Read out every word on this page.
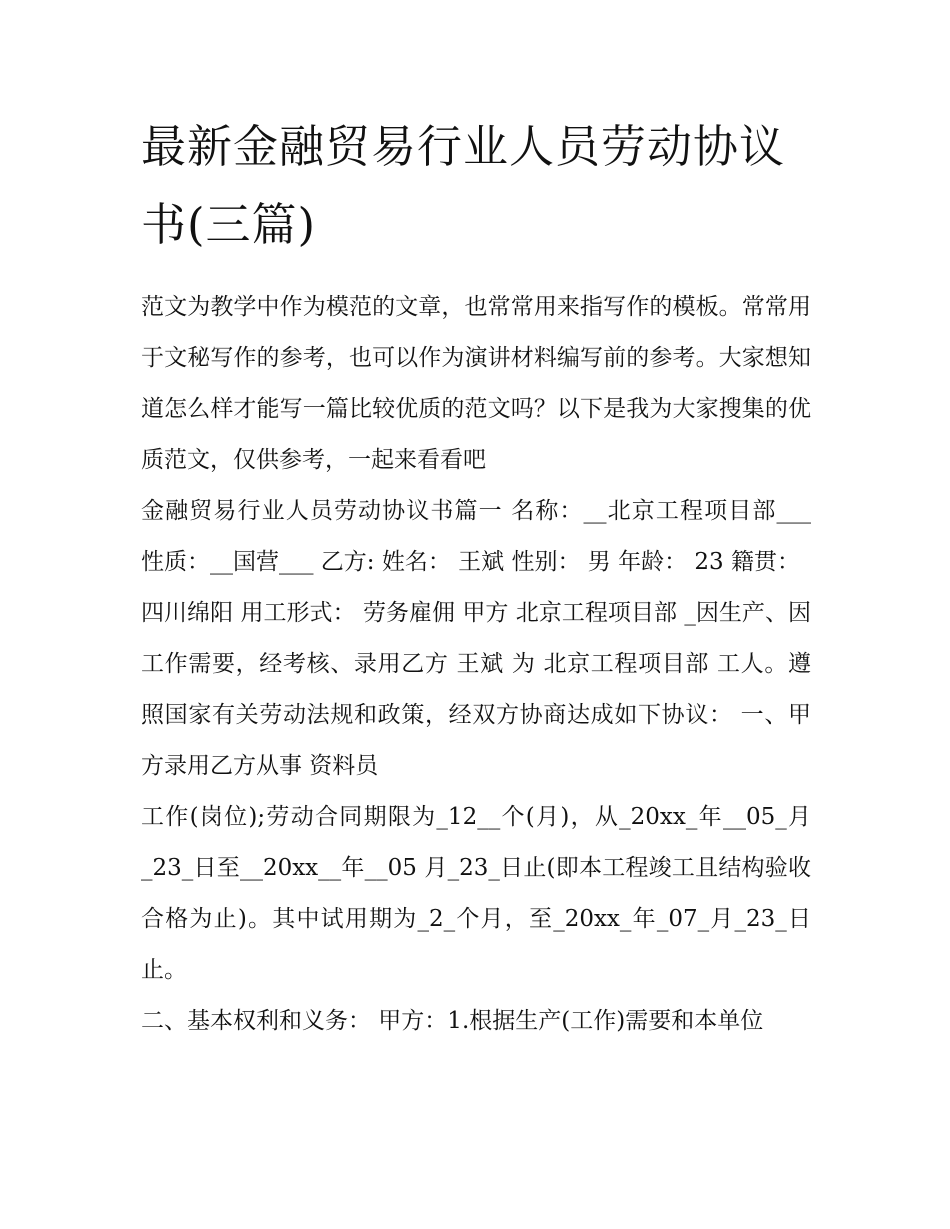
最新金融贸易行业人员劳动协议书(三篇)

范文为教学中作为模范的文章，也常常用来指写作的模板。常常用于文秘写作的参考，也可以作为演讲材料编写前的参考。大家想知道怎么样才能写一篇比较优质的范文吗？以下是我为大家搜集的优质范文，仅供参考，一起来看看吧

金融贸易行业人员劳动协议书篇一 名称：__北京工程项目部___ 性质：__国营___ 乙方: 姓名： 王斌 性别： 男 年龄： 23 籍贯：

四川绵阳 用工形式： 劳务雇佣 甲方 北京工程项目部 _因生产、因工作需要，经考核、录用乙方 王斌 为 北京工程项目部 工人。遵照国家有关劳动法规和政策，经双方协商达成如下协议： 一、甲方录用乙方从事 资料员

工作(岗位);劳动合同期限为_12__个(月)，从_20xx_年__05_月_23_日至__20xx__年__05 月_23_日止(即本工程竣工且结构验收合格为止)。其中试用期为_2_个月，至_20xx_年_07_月_23_日止。

二、基本权利和义务： 甲方：1.根据生产(工作)需要和本单位
